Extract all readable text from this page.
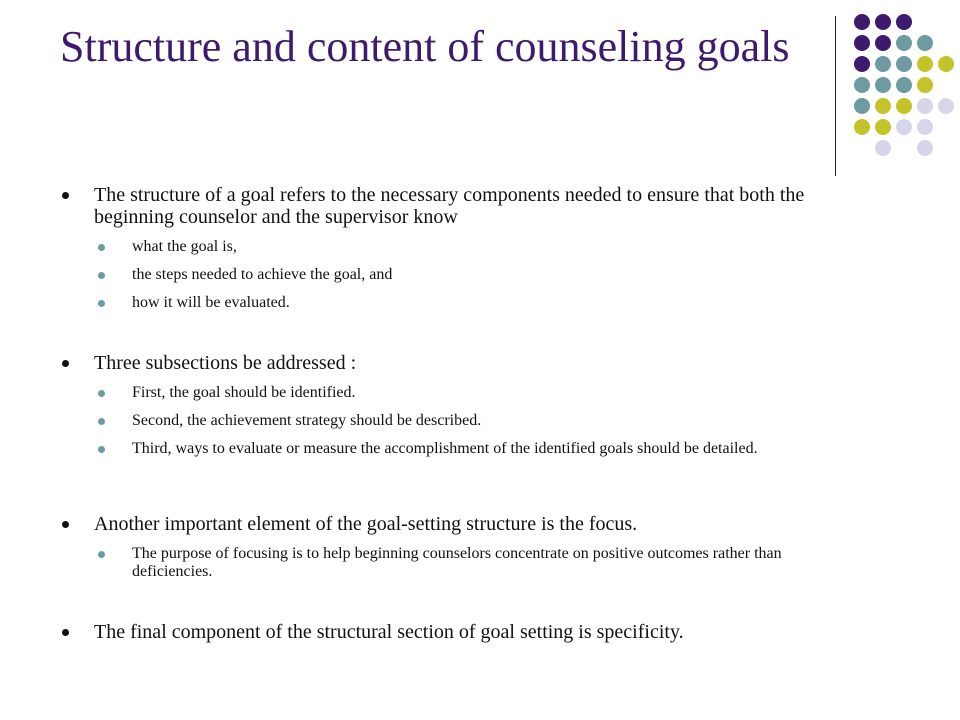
Structure and content of counseling goals
The structure of a goal refers to the necessary components needed to ensure that both the beginning counselor and the supervisor know
what the goal is,
the steps needed to achieve the goal, and
how it will be evaluated.
Three subsections be addressed :
First, the goal should be identified.
Second, the achievement strategy should be described.
Third, ways to evaluate or measure the accomplishment of the identified goals should be detailed.
Another important element of the goal-setting structure is the focus.
The purpose of focusing is to help beginning counselors concentrate on positive outcomes rather than deficiencies.
The final component of the structural section of goal setting is specificity.
